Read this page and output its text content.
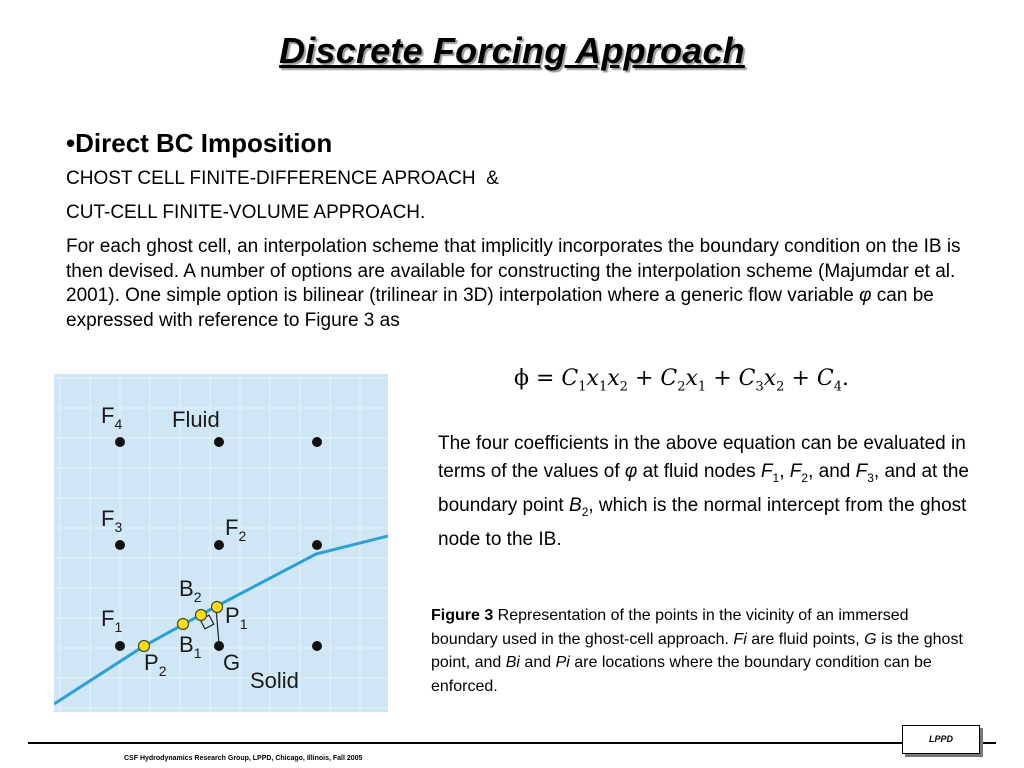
Discrete Forcing Approach
•Direct BC Imposition
CHOST CELL FINITE-DIFFERENCE APROACH  &
CUT-CELL FINITE-VOLUME APPROACH.
For each ghost cell, an interpolation scheme that implicitly incorporates the boundary condition on the IB is then devised. A number of options are available for constructing the interpolation scheme (Majumdar et al. 2001). One simple option is bilinear (trilinear in 3D) interpolation where a generic flow variable φ can be expressed with reference to Figure 3 as
$\phi = C_1x_1x_2 + C_2x_1 + C_3x_2 + C_4$.
The four coefficients in the above equation can be evaluated in terms of the values of φ at fluid nodes $F_1$, $F_2$, and $F_3$, and at the boundary point $B_2$, which is the normal intercept from the ghost node to the IB.
Figure 3 Representation of the points in the vicinity of an immersed boundary used in the ghost-cell approach. Fi are fluid points, G is the ghost point, and Bi and Pi are locations where the boundary condition can be enforced.
$F_4$ Fluid
$F_3$	$F_2$
$B_2$
$F_1$	$P_1$
$B_1$ G
$P_2$	Solid
CSF Hydrodynamics Research Group, LPPD, Chicago, Illinois, Fall 2005
LPPD
